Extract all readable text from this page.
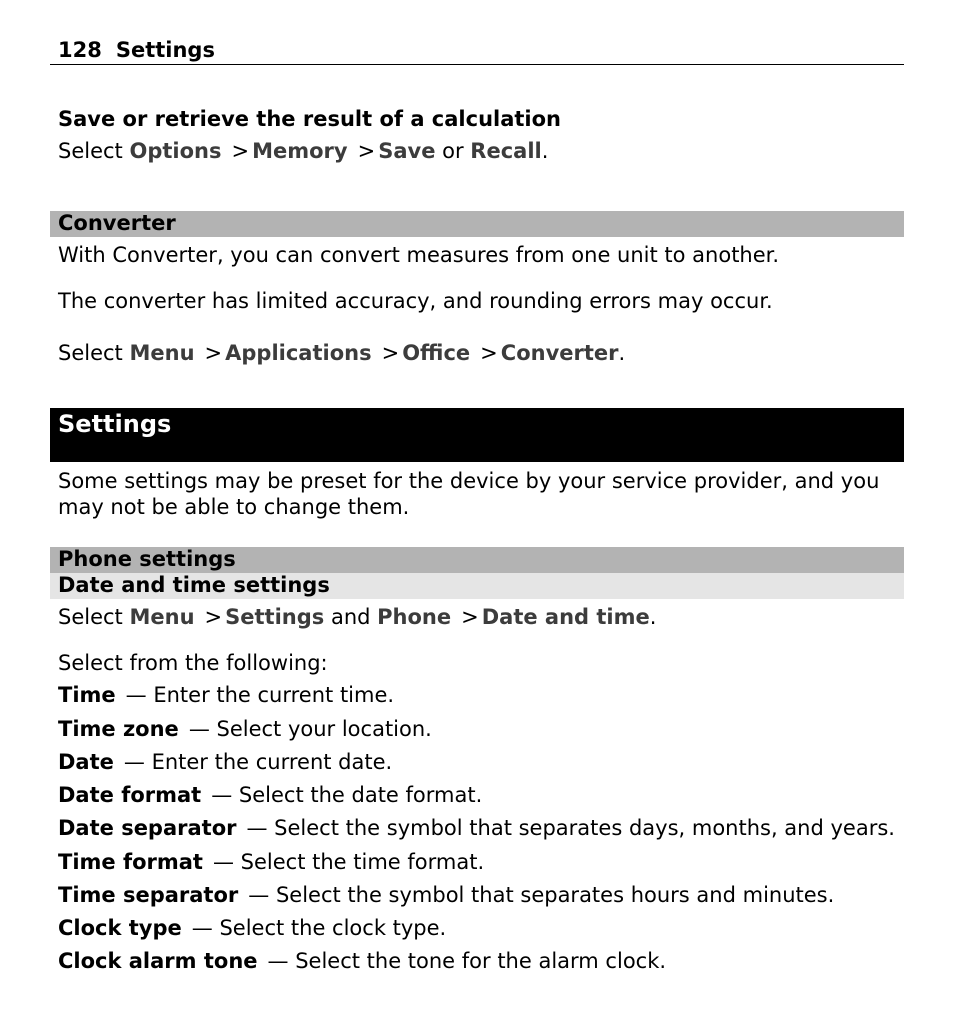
128 Settings
Save or retrieve the result of a calculation
Select Options > Memory > Save or Recall.
Converter
With Converter, you can convert measures from one unit to another.
The converter has limited accuracy, and rounding errors may occur.
Select Menu > Applications > Office > Converter.
Settings
Some settings may be preset for the device by your service provider, and you may not be able to change them.
Phone settings
Date and time settings
Select Menu > Settings and Phone > Date and time.
Select from the following:
Time — Enter the current time.
Time zone — Select your location.
Date — Enter the current date.
Date format — Select the date format.
Date separator — Select the symbol that separates days, months, and years.
Time format — Select the time format.
Time separator — Select the symbol that separates hours and minutes.
Clock type — Select the clock type.
Clock alarm tone — Select the tone for the alarm clock.
